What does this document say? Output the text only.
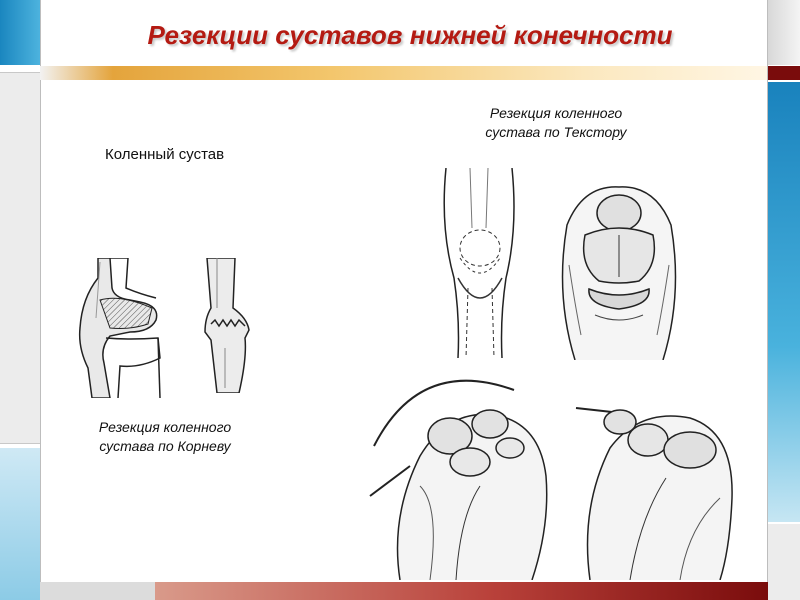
Резекции суставов нижней конечности
Коленный сустав
Резекция коленного
сустава по Текстору
Резекция коленного
сустава по Корневу
